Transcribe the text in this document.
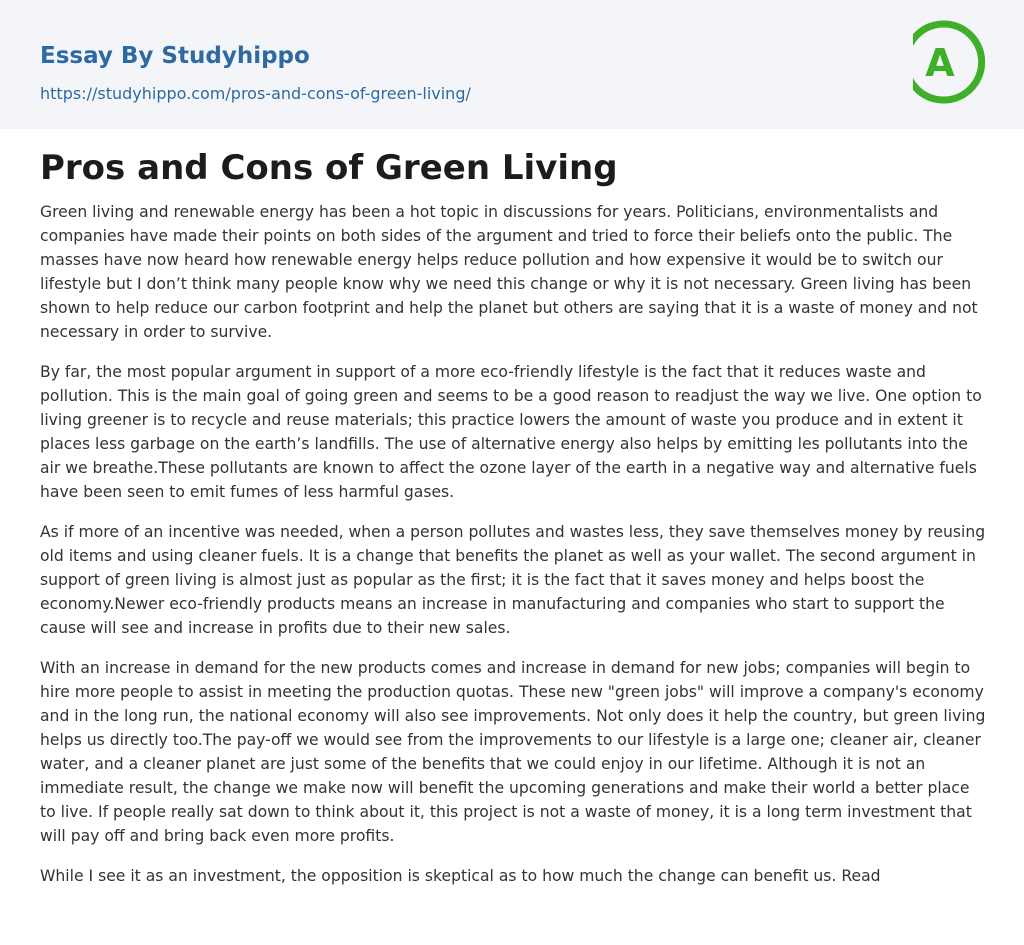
Essay By Studyhippo
https://studyhippo.com/pros-and-cons-of-green-living/
A
Pros and Cons of Green Living

Green living and renewable energy has been a hot topic in discussions for years. Politicians, environmentalists and companies have made their points on both sides of the argument and tried to force their beliefs onto the public. The masses have now heard how renewable energy helps reduce pollution and how expensive it would be to switch our lifestyle but I don’t think many people know why we need this change or why it is not necessary. Green living has been shown to help reduce our carbon footprint and help the planet but others are saying that it is a waste of money and not necessary in order to survive.

By far, the most popular argument in support of a more eco-friendly lifestyle is the fact that it reduces waste and pollution. This is the main goal of going green and seems to be a good reason to readjust the way we live. One option to living greener is to recycle and reuse materials; this practice lowers the amount of waste you produce and in extent it places less garbage on the earth’s landfills. The use of alternative energy also helps by emitting les pollutants into the air we breathe.These pollutants are known to affect the ozone layer of the earth in a negative way and alternative fuels have been seen to emit fumes of less harmful gases.

As if more of an incentive was needed, when a person pollutes and wastes less, they save themselves money by reusing old items and using cleaner fuels. It is a change that benefits the planet as well as your wallet. The second argument in support of green living is almost just as popular as the first; it is the fact that it saves money and helps boost the economy.Newer eco-friendly products means an increase in manufacturing and companies who start to support the cause will see and increase in profits due to their new sales.

With an increase in demand for the new products comes and increase in demand for new jobs; companies will begin to hire more people to assist in meeting the production quotas. These new "green jobs" will improve a company's economy and in the long run, the national economy will also see improvements. Not only does it help the country, but green living helps us directly too.The pay-off we would see from the improvements to our lifestyle is a large one; cleaner air, cleaner water, and a cleaner planet are just some of the benefits that we could enjoy in our lifetime. Although it is not an immediate result, the change we make now will benefit the upcoming generations and make their world a better place to live. If people really sat down to think about it, this project is not a waste of money, it is a long term investment that will pay off and bring back even more profits.

While I see it as an investment, the opposition is skeptical as to how much the change can benefit us. Read
